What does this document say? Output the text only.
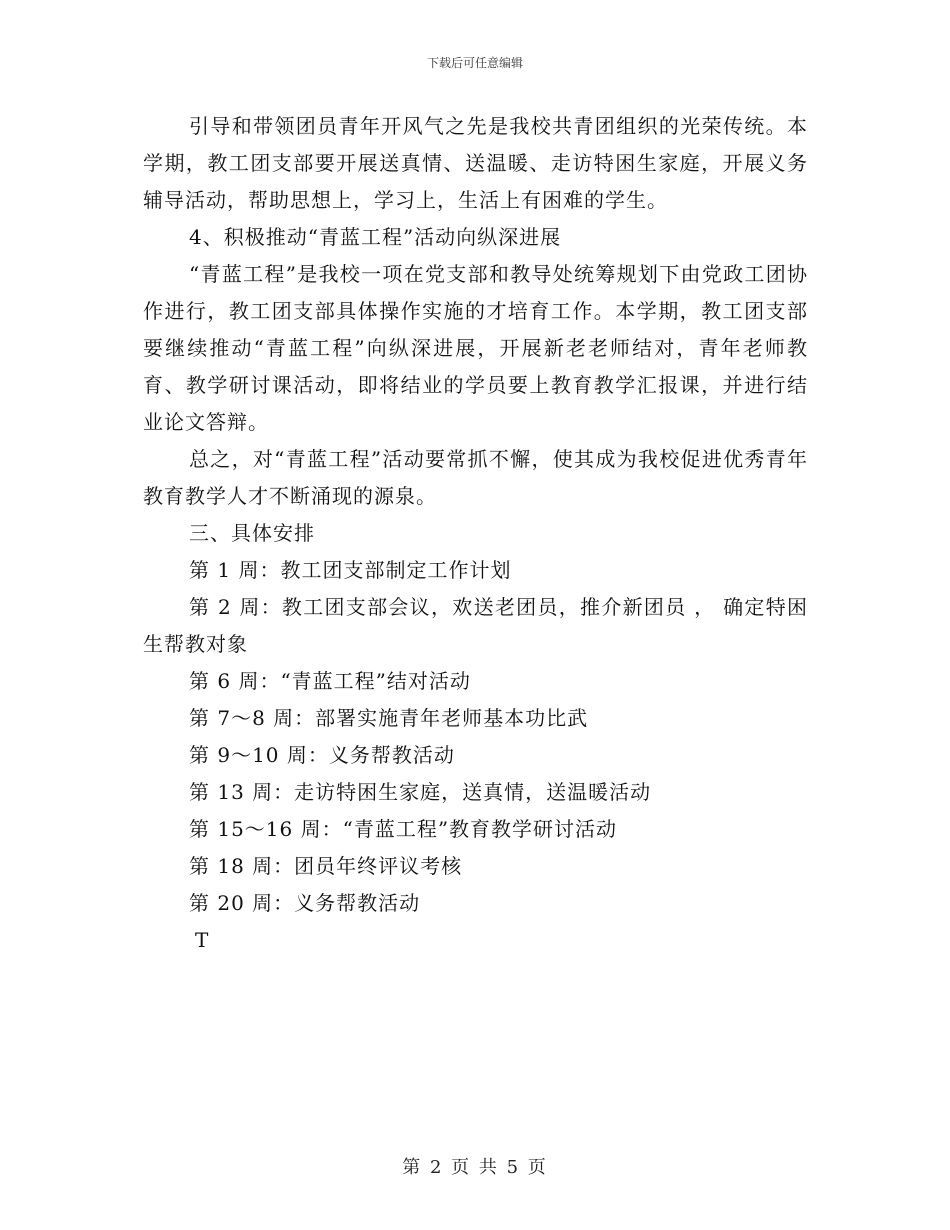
下载后可任意编辑

引导和带领团员青年开风气之先是我校共青团组织的光荣传统。本学期，教工团支部要开展送真情、送温暖、走访特困生家庭，开展义务辅导活动，帮助思想上，学习上，生活上有困难的学生。

4、积极推动“青蓝工程”活动向纵深进展

“青蓝工程”是我校一项在党支部和教导处统筹规划下由党政工团协作进行，教工团支部具体操作实施的才培育工作。本学期，教工团支部要继续推动“青蓝工程”向纵深进展，开展新老老师结对，青年老师教育、教学研讨课活动，即将结业的学员要上教育教学汇报课，并进行结业论文答辩。

总之，对“青蓝工程”活动要常抓不懈，使其成为我校促进优秀青年教育教学人才不断涌现的源泉。

三、具体安排

第 1 周：教工团支部制定工作计划

第 2 周：教工团支部会议，欢送老团员，推介新团员 ， 确定特困生帮教对象

第 6 周：“青蓝工程”结对活动

第 7～8 周：部署实施青年老师基本功比武

第 9～10 周：义务帮教活动

第 13 周：走访特困生家庭，送真情，送温暖活动

第 15～16 周：“青蓝工程”教育教学研讨活动

第 18 周：团员年终评议考核

第 20 周：义务帮教活动

T

第 2 页 共 5 页
